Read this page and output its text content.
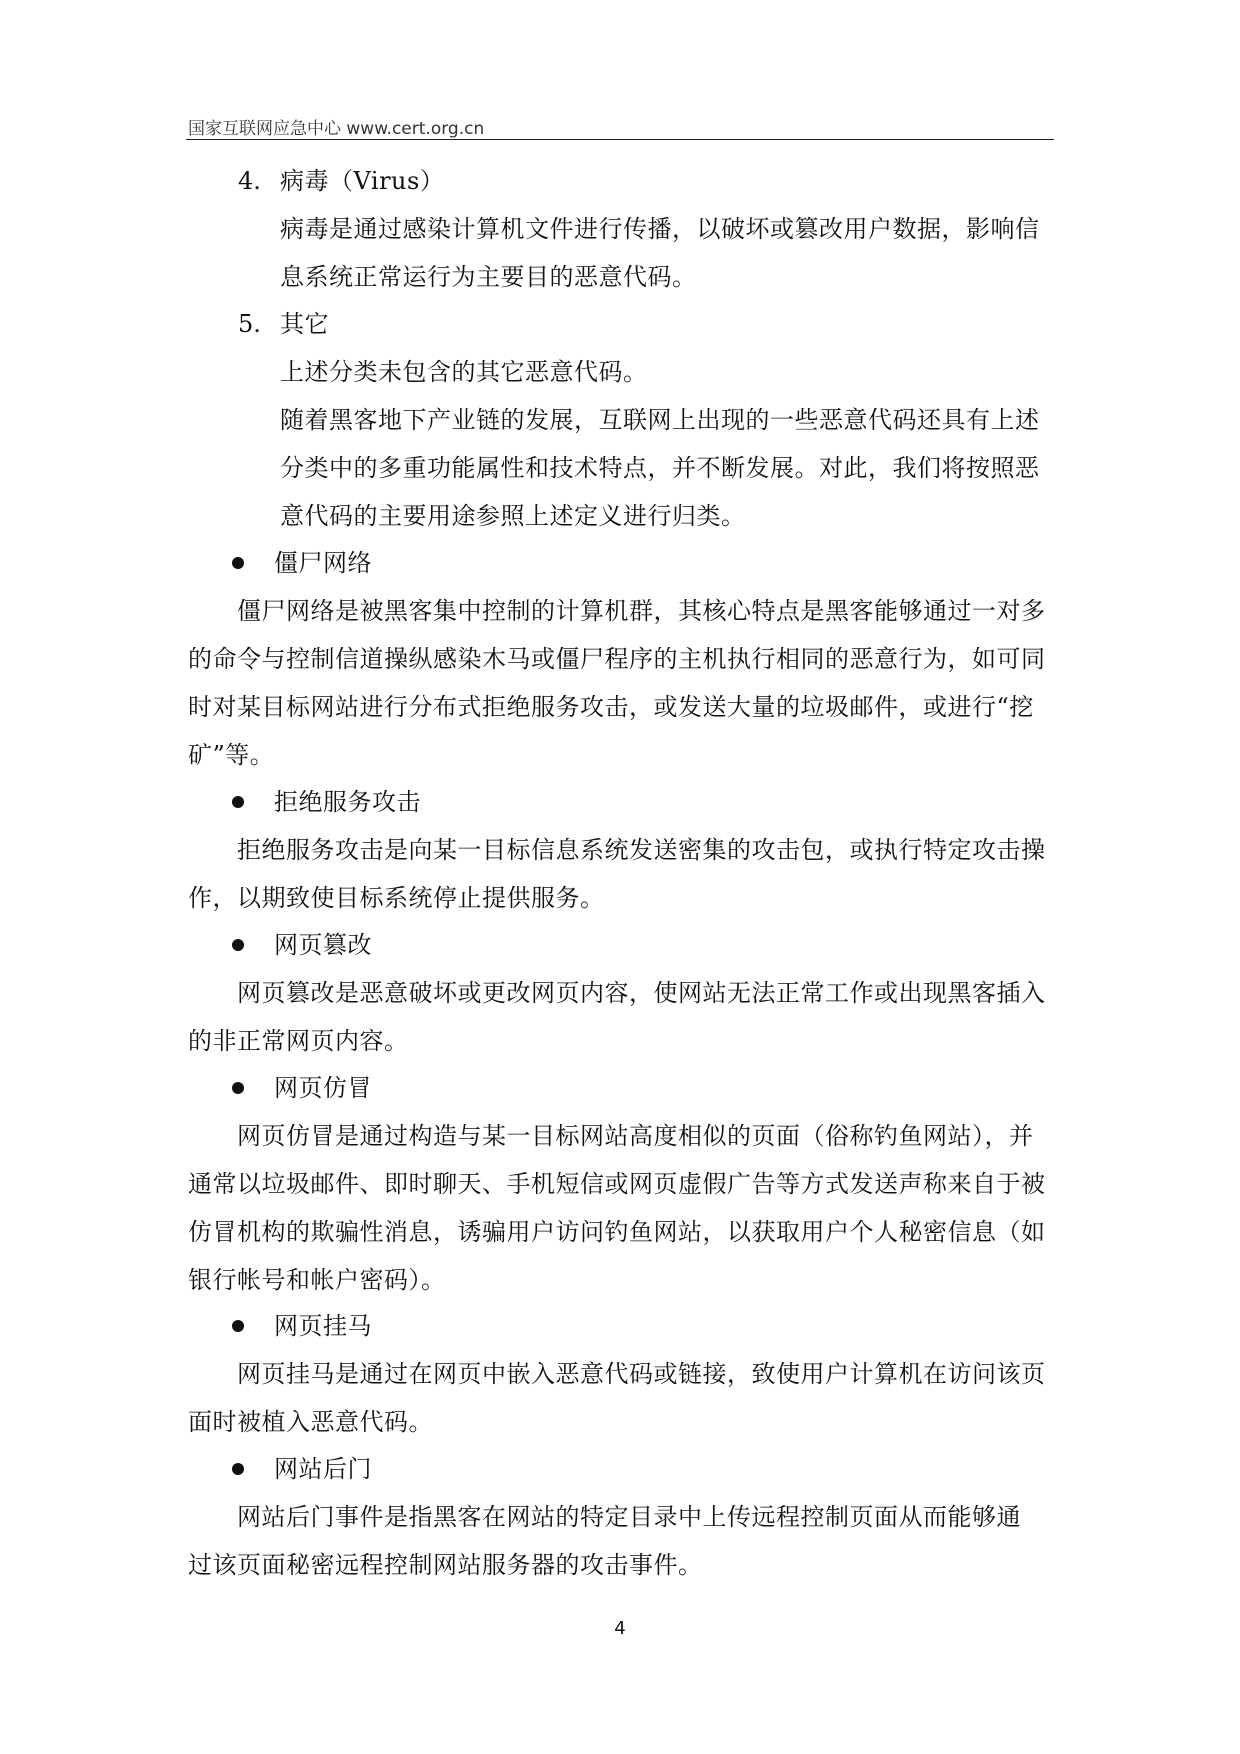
国家互联网应急中心 www.cert.org.cn
4. 病毒（Virus）
病毒是通过感染计算机文件进行传播，以破坏或篡改用户数据，影响信
息系统正常运行为主要目的恶意代码。
5. 其它
上述分类未包含的其它恶意代码。
随着黑客地下产业链的发展，互联网上出现的一些恶意代码还具有上述
分类中的多重功能属性和技术特点，并不断发展。对此，我们将按照恶
意代码的主要用途参照上述定义进行归类。
僵尸网络
僵尸网络是被黑客集中控制的计算机群，其核心特点是黑客能够通过一对多
的命令与控制信道操纵感染木马或僵尸程序的主机执行相同的恶意行为，如可同
时对某目标网站进行分布式拒绝服务攻击，或发送大量的垃圾邮件，或进行“挖
矿”等。
拒绝服务攻击
拒绝服务攻击是向某一目标信息系统发送密集的攻击包，或执行特定攻击操
作，以期致使目标系统停止提供服务。
网页篡改
网页篡改是恶意破坏或更改网页内容，使网站无法正常工作或出现黑客插入
的非正常网页内容。
网页仿冒
网页仿冒是通过构造与某一目标网站高度相似的页面（俗称钓鱼网站），并
通常以垃圾邮件、即时聊天、手机短信或网页虚假广告等方式发送声称来自于被
仿冒机构的欺骗性消息，诱骗用户访问钓鱼网站，以获取用户个人秘密信息（如
银行帐号和帐户密码）。
网页挂马
网页挂马是通过在网页中嵌入恶意代码或链接，致使用户计算机在访问该页
面时被植入恶意代码。
网站后门
网站后门事件是指黑客在网站的特定目录中上传远程控制页面从而能够通
过该页面秘密远程控制网站服务器的攻击事件。
4
